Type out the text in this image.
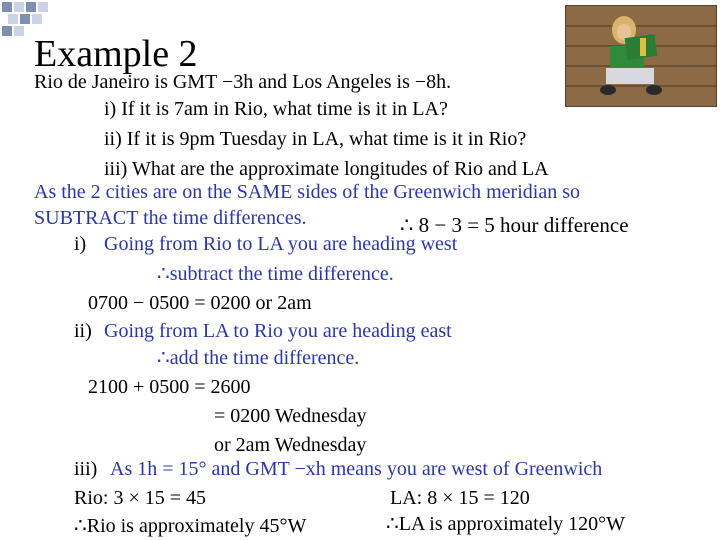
Example 2
Rio de Janeiro is GMT −3h and Los Angeles is −8h.
i) If it is 7am in Rio, what time is it in LA?
ii) If it is 9pm Tuesday in LA, what time is it in Rio?
iii) What are the approximate longitudes of Rio and LA
As the 2 cities are on the SAME sides of the Greenwich meridian so
SUBTRACT the time differences.	∴ 8 − 3 = 5 hour difference
i) Going from Rio to LA you are heading west
∴subtract the time difference.
0700 − 0500 = 0200 or 2am
ii) Going from LA to Rio you are heading east
∴add the time difference.
2100 + 0500 = 2600
= 0200 Wednesday
or 2am Wednesday
iii) As 1h = 15° and GMT −xh means you are west of Greenwich
Rio: 3 × 15 = 45	LA: 8 × 15 = 120
∴Rio is approximately 45°W	∴LA is approximately 120°W
